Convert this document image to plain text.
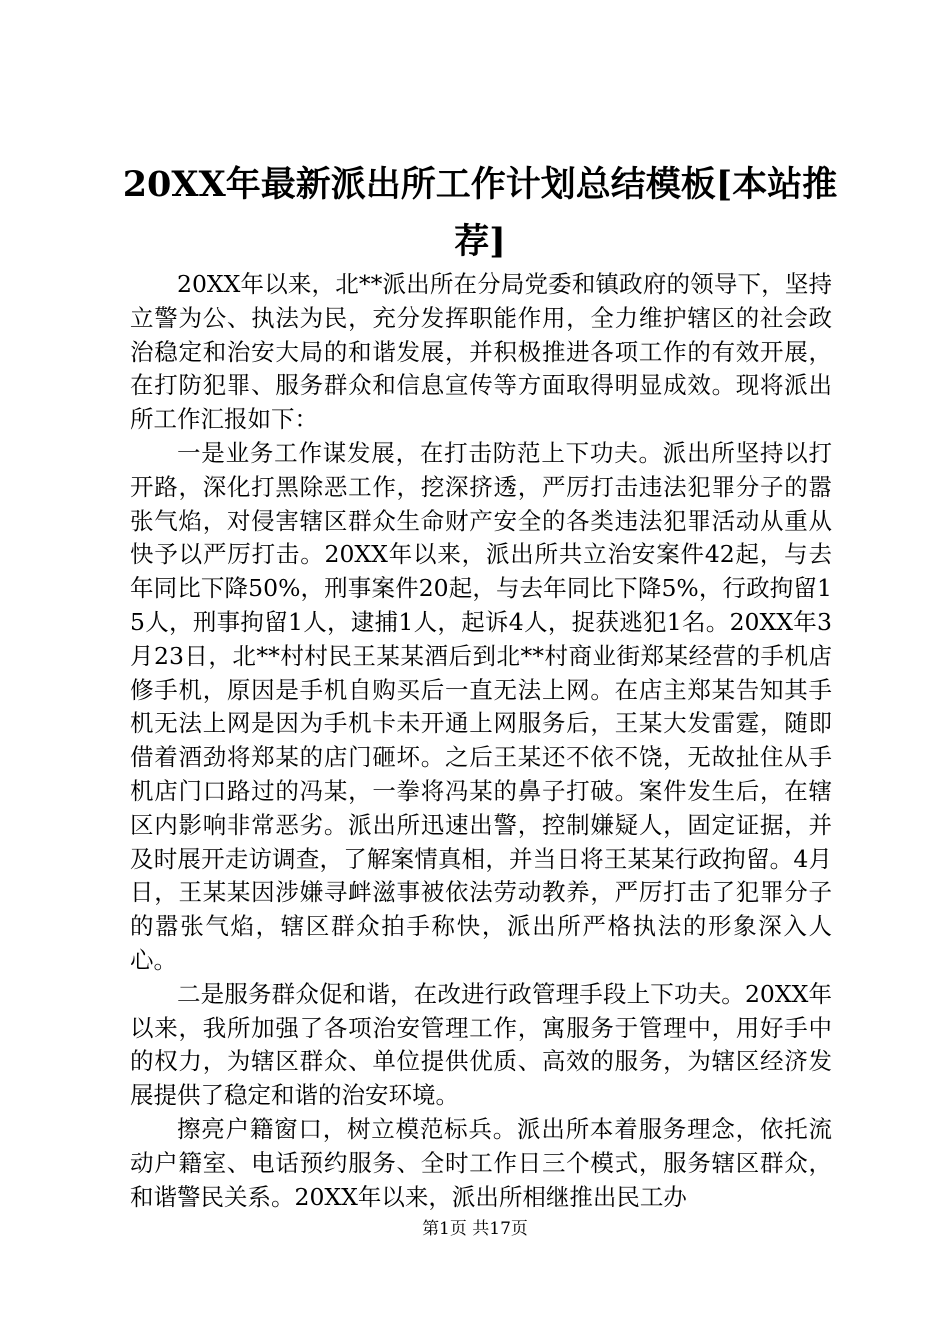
20XX年最新派出所工作计划总结模板[本站推荐]

20XX年以来，北**派出所在分局党委和镇政府的领导下，坚持立警为公、执法为民，充分发挥职能作用，全力维护辖区的社会政治稳定和治安大局的和谐发展，并积极推进各项工作的有效开展，在打防犯罪、服务群众和信息宣传等方面取得明显成效。现将派出所工作汇报如下：

一是业务工作谋发展，在打击防范上下功夫。派出所坚持以打开路，深化打黑除恶工作，挖深挤透，严厉打击违法犯罪分子的嚣张气焰，对侵害辖区群众生命财产安全的各类违法犯罪活动从重从快予以严厉打击。20XX年以来，派出所共立治安案件42起，与去年同比下降50%，刑事案件20起，与去年同比下降5%，行政拘留15人，刑事拘留1人，逮捕1人，起诉4人，捉获逃犯1名。20XX年3月23日，北**村村民王某某酒后到北**村商业街郑某经营的手机店修手机，原因是手机自购买后一直无法上网。在店主郑某告知其手机无法上网是因为手机卡未开通上网服务后，王某大发雷霆，随即借着酒劲将郑某的店门砸坏。之后王某还不依不饶，无故扯住从手机店门口路过的冯某，一拳将冯某的鼻子打破。案件发生后，在辖区内影响非常恶劣。派出所迅速出警，控制嫌疑人，固定证据，并及时展开走访调查，了解案情真相，并当日将王某某行政拘留。4月日，王某某因涉嫌寻衅滋事被依法劳动教养，严厉打击了犯罪分子的嚣张气焰，辖区群众拍手称快，派出所严格执法的形象深入人心。

二是服务群众促和谐，在改进行政管理手段上下功夫。20XX年以来，我所加强了各项治安管理工作，寓服务于管理中，用好手中的权力，为辖区群众、单位提供优质、高效的服务，为辖区经济发展提供了稳定和谐的治安环境。

擦亮户籍窗口，树立模范标兵。派出所本着服务理念，依托流动户籍室、电话预约服务、全时工作日三个模式，服务辖区群众，和谐警民关系。20XX年以来，派出所相继推出民工办

第1页 共17页
